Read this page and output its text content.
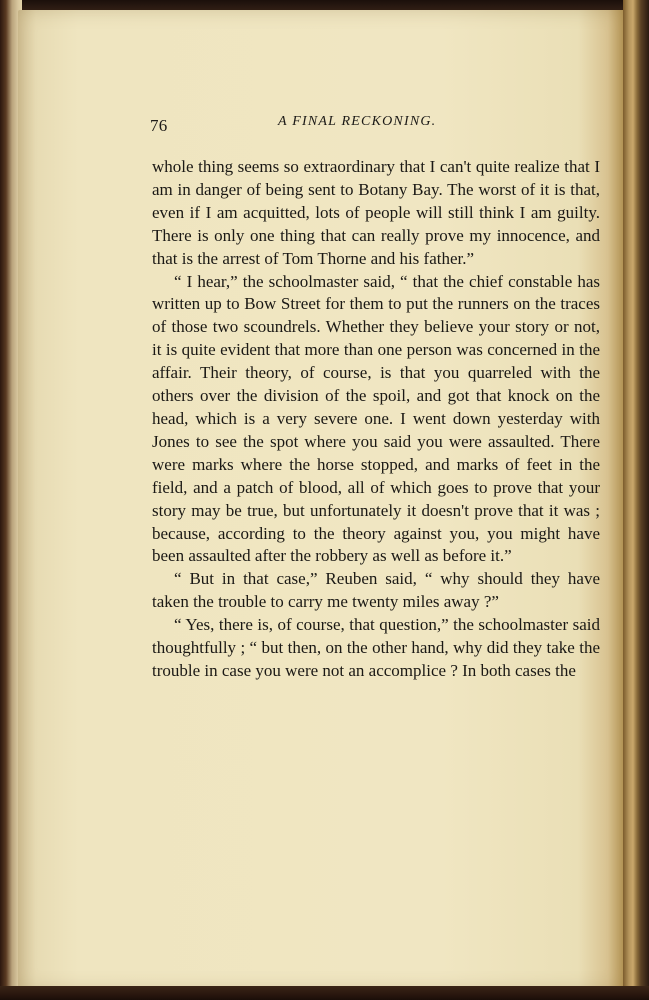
76	A FINAL RECKONING.

whole thing seems so extraordinary that I can't quite realize that I am in danger of being sent to Botany Bay. The worst of it is that, even if I am acquitted, lots of people will still think I am guilty. There is only one thing that can really prove my innocence, and that is the arrest of Tom Thorne and his father.”

“ I hear,” the schoolmaster said, “ that the chief constable has written up to Bow Street for them to put the runners on the traces of those two scoundrels. Whether they believe your story or not, it is quite evident that more than one person was concerned in the affair. Their theory, of course, is that you quarreled with the others over the division of the spoil, and got that knock on the head, which is a very severe one. I went down yesterday with Jones to see the spot where you said you were assaulted. There were marks where the horse stopped, and marks of feet in the field, and a patch of blood, all of which goes to prove that your story may be true, but unfortunately it doesn't prove that it was ; because, according to the theory against you, you might have been assaulted after the robbery as well as before it.”

“ But in that case,” Reuben said, “ why should they have taken the trouble to carry me twenty miles away ?”

“ Yes, there is, of course, that question,” the schoolmaster said thoughtfully ; “ but then, on the other hand, why did they take the trouble in case you were not an accomplice ? In both cases the
